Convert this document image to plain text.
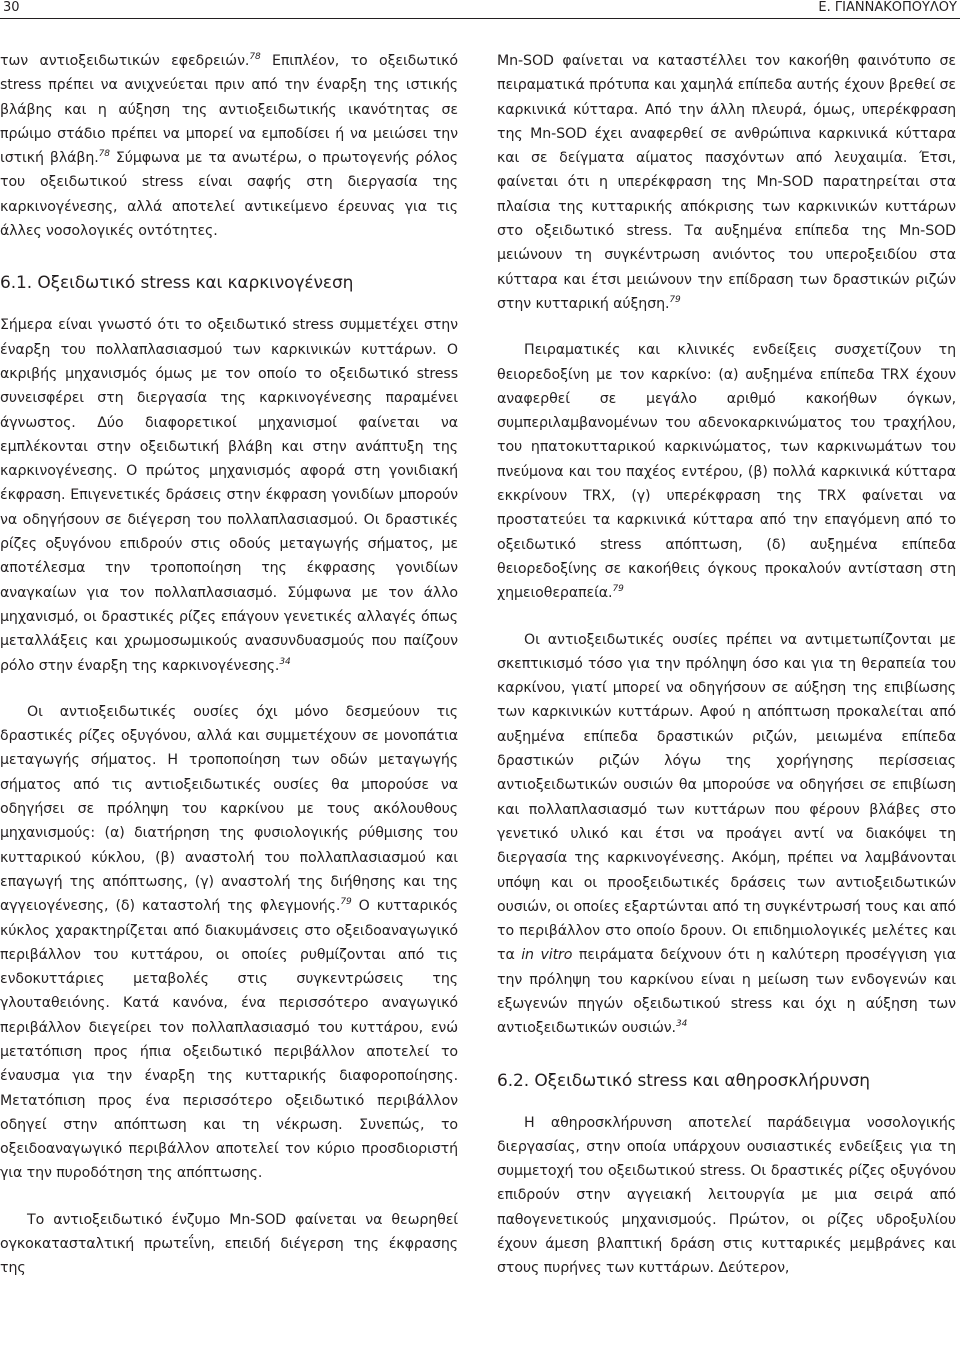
30	Ε. ΓΙΑΝΝΑΚΟΠΟΥΛΟΥ

των αντιοξειδωτικών εφεδρειών.$^{78}$ Επιπλέον, το οξειδωτικό stress πρέπει να ανιχνεύεται πριν από την έναρξη της ιστικής βλάβης και η αύξηση της αντιοξειδωτικής ικανότητας σε πρώιμο στάδιο πρέπει να μπορεί να εμποδίσει ή να μειώσει την ιστική βλάβη.$^{78}$ Σύμφωνα με τα ανωτέρω, ο πρωτογενής ρόλος του οξειδωτικού stress είναι σαφής στη διεργασία της καρκινογένεσης, αλλά αποτελεί αντικείμενο έρευνας για τις άλλες νοσολογικές οντότητες.

6.1. Οξειδωτικό stress και καρκινογένεση

Σήμερα είναι γνωστό ότι το οξειδωτικό stress συμμετέχει στην έναρξη του πολλαπλασιασμού των καρκινικών κυττάρων. Ο ακριβής μηχανισμός όμως με τον οποίο το οξειδωτικό stress συνεισφέρει στη διεργασία της καρκινογένεσης παραμένει άγνωστος. Δύο διαφορετικοί μηχανισμοί φαίνεται να εμπλέκονται στην οξειδωτική βλάβη και στην ανάπτυξη της καρκινογένεσης. Ο πρώτος μηχανισμός αφορά στη γονιδιακή έκφραση. Επιγενετικές δράσεις στην έκφραση γονιδίων μπορούν να οδηγήσουν σε διέγερση του πολλαπλασιασμού. Οι δραστικές ρίζες οξυγόνου επιδρούν στις οδούς μεταγωγής σήματος, με αποτέλεσμα την τροποποίηση της έκφρασης γονιδίων αναγκαίων για τον πολλαπλασιασμό. Σύμφωνα με τον άλλο μηχανισμό, οι δραστικές ρίζες επάγουν γενετικές αλλαγές όπως μεταλλάξεις και χρωμοσωμικούς ανασυνδυασμούς που παίζουν ρόλο στην έναρξη της καρκινογένεσης.$^{34}$

Οι αντιοξειδωτικές ουσίες όχι μόνο δεσμεύουν τις δραστικές ρίζες οξυγόνου, αλλά και συμμετέχουν σε μονοπάτια μεταγωγής σήματος. Η τροποποίηση των οδών μεταγωγής σήματος από τις αντιοξειδωτικές ουσίες θα μπορούσε να οδηγήσει σε πρόληψη του καρκίνου με τους ακόλουθους μηχανισμούς: (α) διατήρηση της φυσιολογικής ρύθμισης του κυτταρικού κύκλου, (β) αναστολή του πολλαπλασιασμού και επαγωγή της απόπτωσης, (γ) αναστολή της διήθησης και της αγγειογένεσης, (δ) καταστολή της φλεγμονής.$^{79}$ Ο κυτταρικός κύκλος χαρακτηρίζεται από διακυμάνσεις στο οξειδοαναγωγικό περιβάλλον του κυττάρου, οι οποίες ρυθμίζονται από τις ενδοκυττάριες μεταβολές στις συγκεντρώσεις της γλουταθειόνης. Κατά κανόνα, ένα περισσότερο αναγωγικό περιβάλλον διεγείρει τον πολλαπλασιασμό του κυττάρου, ενώ μετατόπιση προς ήπια οξειδωτικό περιβάλλον αποτελεί το έναυσμα για την έναρξη της κυτταρικής διαφοροποίησης. Μετατόπιση προς ένα περισσότερο οξειδωτικό περιβάλλον οδηγεί στην απόπτωση και τη νέκρωση. Συνεπώς, το οξειδοαναγωγικό περιβάλλον αποτελεί τον κύριο προσδιοριστή για την πυροδότηση της απόπτωσης.

Το αντιοξειδωτικό ένζυμο Mn-SOD φαίνεται να θεωρηθεί ογκοκατασταλτική πρωτεΐνη, επειδή διέγερση της έκφρασης της

Mn-SOD φαίνεται να καταστέλλει τον κακοήθη φαινότυπο σε πειραματικά πρότυπα και χαμηλά επίπεδα αυτής έχουν βρεθεί σε καρκινικά κύτταρα. Από την άλλη πλευρά, όμως, υπερέκφραση της Mn-SOD έχει αναφερθεί σε ανθρώπινα καρκινικά κύτταρα και σε δείγματα αίματος πασχόντων από λευχαιμία. Έτσι, φαίνεται ότι η υπερέκφραση της Mn-SOD παρατηρείται στα πλαίσια της κυτταρικής απόκρισης των καρκινικών κυττάρων στο οξειδωτικό stress. Τα αυξημένα επίπεδα της Mn-SOD μειώνουν τη συγκέντρωση ανιόντος του υπεροξειδίου στα κύτταρα και έτσι μειώνουν την επίδραση των δραστικών ριζών στην κυτταρική αύξηση.$^{79}$

Πειραματικές και κλινικές ενδείξεις συσχετίζουν τη θειορεδοξίνη με τον καρκίνο: (α) αυξημένα επίπεδα TRX έχουν αναφερθεί σε μεγάλο αριθμό κακοήθων όγκων, συμπεριλαμβανομένων του αδενοκαρκινώματος του τραχήλου, του ηπατοκυτταρικού καρκινώματος, των καρκινωμάτων του πνεύμονα και του παχέος εντέρου, (β) πολλά καρκινικά κύτταρα εκκρίνουν TRX, (γ) υπερέκφραση της TRX φαίνεται να προστατεύει τα καρκινικά κύτταρα από την επαγόμενη από το οξειδωτικό stress απόπτωση, (δ) αυξημένα επίπεδα θειορεδοξίνης σε κακοήθεις όγκους προκαλούν αντίσταση στη χημειοθεραπεία.$^{79}$

Οι αντιοξειδωτικές ουσίες πρέπει να αντιμετωπίζονται με σκεπτικισμό τόσο για την πρόληψη όσο και για τη θεραπεία του καρκίνου, γιατί μπορεί να οδηγήσουν σε αύξηση της επιβίωσης των καρκινικών κυττάρων. Αφού η απόπτωση προκαλείται από αυξημένα επίπεδα δραστικών ριζών, μειωμένα επίπεδα δραστικών ριζών λόγω της χορήγησης περίσσειας αντιοξειδωτικών ουσιών θα μπορούσε να οδηγήσει σε επιβίωση και πολλαπλασιασμό των κυττάρων που φέρουν βλάβες στο γενετικό υλικό και έτσι να προάγει αντί να διακόψει τη διεργασία της καρκινογένεσης. Ακόμη, πρέπει να λαμβάνονται υπόψη και οι προοξειδωτικές δράσεις των αντιοξειδωτικών ουσιών, οι οποίες εξαρτώνται από τη συγκέντρωσή τους και από το περιβάλλον στο οποίο δρουν. Οι επιδημιολογικές μελέτες και τα in vitro πειράματα δείχνουν ότι η καλύτερη προσέγγιση για την πρόληψη του καρκίνου είναι η μείωση των ενδογενών και εξωγενών πηγών οξειδωτικού stress και όχι η αύξηση των αντιοξειδωτικών ουσιών.$^{34}$

6.2. Οξειδωτικό stress και αθηροσκλήρυνση

Η αθηροσκλήρυνση αποτελεί παράδειγμα νοσολογικής διεργασίας, στην οποία υπάρχουν ουσιαστικές ενδείξεις για τη συμμετοχή του οξειδωτικού stress. Οι δραστικές ρίζες οξυγόνου επιδρούν στην αγγειακή λειτουργία με μια σειρά από παθογενετικούς μηχανισμούς. Πρώτον, οι ρίζες υδροξυλίου έχουν άμεση βλαπτική δράση στις κυτταρικές μεμβράνες και στους πυρήνες των κυττάρων. Δεύτερον,
